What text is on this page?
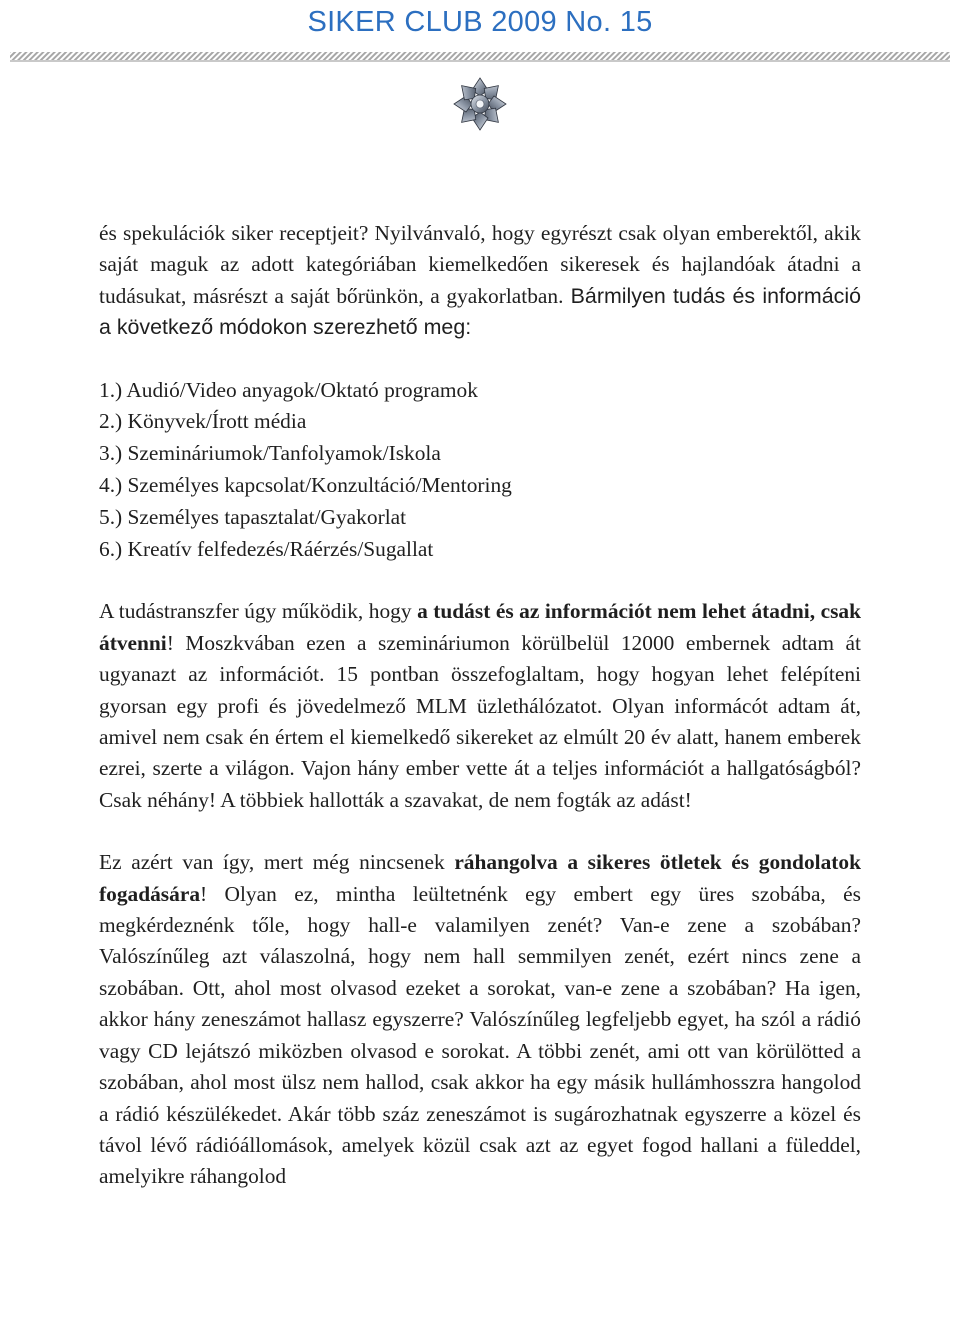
SIKER CLUB 2009 No. 15

és spekulációk siker receptjeit? Nyilvánvaló, hogy egyrészt csak olyan emberektől, akik saját maguk az adott kategóriában kiemelkedően sikeresek és hajlandóak átadni a tudásukat, másrészt a saját bőrünkön, a gyakorlatban. Bármilyen tudás és információ a következő módokon szerezhető meg:

1.) Audió/Video anyagok/Oktató programok
2.) Könyvek/Írott média
3.) Szemináriumok/Tanfolyamok/Iskola
4.) Személyes kapcsolat/Konzultáció/Mentoring
5.) Személyes tapasztalat/Gyakorlat
6.) Kreatív felfedezés/Ráérzés/Sugallat

A tudástranszfer úgy működik, hogy a tudást és az információt nem lehet átadni, csak átvenni! Moszkvában ezen a szemináriumon körülbelül 12000 embernek adtam át ugyanazt az információt. 15 pontban összefoglaltam, hogy hogyan lehet felépíteni gyorsan egy profi és jövedelmező MLM üzlethálózatot. Olyan informácót adtam át, amivel nem csak én értem el kiemelkedő sikereket az elmúlt 20 év alatt, hanem emberek ezrei, szerte a világon. Vajon hány ember vette át a teljes információt a hallgatóságból? Csak néhány! A többiek hallották a szavakat, de nem fogták az adást!

Ez azért van így, mert még nincsenek ráhangolva a sikeres ötletek és gondolatok fogadására! Olyan ez, mintha leültetnénk egy embert egy üres szobába, és megkérdeznénk tőle, hogy hall-e valamilyen zenét? Van-e zene a szobában? Valószínűleg azt válaszolná, hogy nem hall semmilyen zenét, ezért nincs zene a szobában. Ott, ahol most olvasod ezeket a sorokat, van-e zene a szobában? Ha igen, akkor hány zeneszámot hallasz egyszerre? Valószínűleg legfeljebb egyet, ha szól a rádió vagy CD lejátszó miközben olvasod e sorokat. A többi zenét, ami ott van körülötted a szobában, ahol most ülsz nem hallod, csak akkor ha egy másik hullámhosszra hangolod a rádió készülékedet. Akár több száz zeneszámot is sugározhatnak egyszerre a közel és távol lévő rádióállomások, amelyek közül csak azt az egyet fogod hallani a füleddel, amelyikre ráhangolod
